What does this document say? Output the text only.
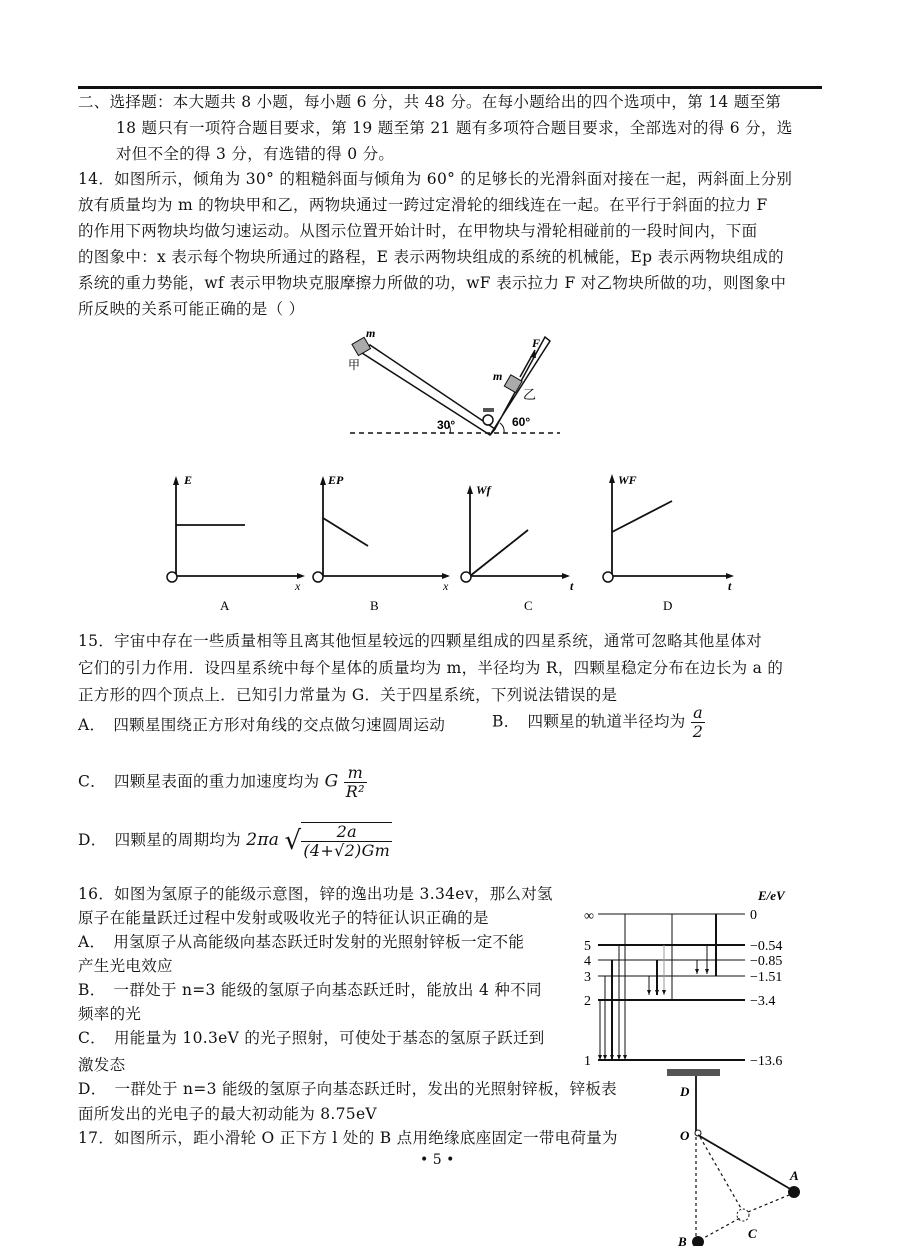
二、选择题：本大题共 8 小题，每小题 6 分，共 48 分。在每小题给出的四个选项中，第 14 题至第
18 题只有一项符合题目要求，第 19 题至第 21 题有多项符合题目要求，全部选对的得 6 分，选
对但不全的得 3 分，有选错的得 0 分。
14．如图所示，倾角为 30° 的粗糙斜面与倾角为 60° 的足够长的光滑斜面对接在一起，两斜面上分别
放有质量均为 m 的物块甲和乙，两物块通过一跨过定滑轮的细线连在一起。在平行于斜面的拉力 F
的作用下两物块均做匀速运动。从图示位置开始计时，在甲物块与滑轮相碰前的一段时间内，下面
的图象中：x 表示每个物块所通过的路程，E 表示两物块组成的系统的机械能，Ep 表示两物块组成的
系统的重力势能，wf 表示甲物块克服摩擦力所做的功，wF 表示拉力 F 对乙物块所做的功，则图象中
所反映的关系可能正确的是（ ）
m
甲
m
乙
F
30°	60°
E
x
A
EP
x
B
Wf
t
C
WF
t
D
15．宇宙中存在一些质量相等且离其他恒星较远的四颗星组成的四星系统，通常可忽略其他星体对
它们的引力作用．设四星系统中每个星体的质量均为 m，半径均为 R，四颗星稳定分布在边长为 a 的
正方形的四个顶点上．已知引力常量为 G．关于四星系统，下列说法错误的是
A．　四颗星围绕正方形对角线的交点做匀速圆周运动	B．　四颗星的轨道半径均为 $\frac{a}{2}$
C．　四颗星表面的重力加速度均为 G $\frac{m}{\text{R²}}$
D．　四颗星的周期均为 2πa √ $\frac{2a}{(4+√2)Gm}$
16．如图为氢原子的能级示意图，锌的逸出功是 3.34ev，那么对氢
原子在能量跃迁过程中发射或吸收光子的特征认识正确的是
A．　用氢原子从高能级向基态跃迁时发射的光照射锌板一定不能
产生光电效应
B．　一群处于 n=3 能级的氢原子向基态跃迁时，能放出 4 种不同
频率的光
C．　用能量为 10.3eV 的光子照射，可使处于基态的氢原子跃迁到
激发态
D．　一群处于 n=3 能级的氢原子向基态跃迁时，发出的光照射锌板，锌板表
面所发出的光电子的最大初动能为 8.75eV
E/eV
∞	0
5	−0.54
4	−0.85
3	−1.51
2	−3.4
1	−13.6
17．如图所示，距小滑轮 O 正下方 l 处的 B 点用绝缘底座固定一带电荷量为
D
O
A
C
B
• 5 •
